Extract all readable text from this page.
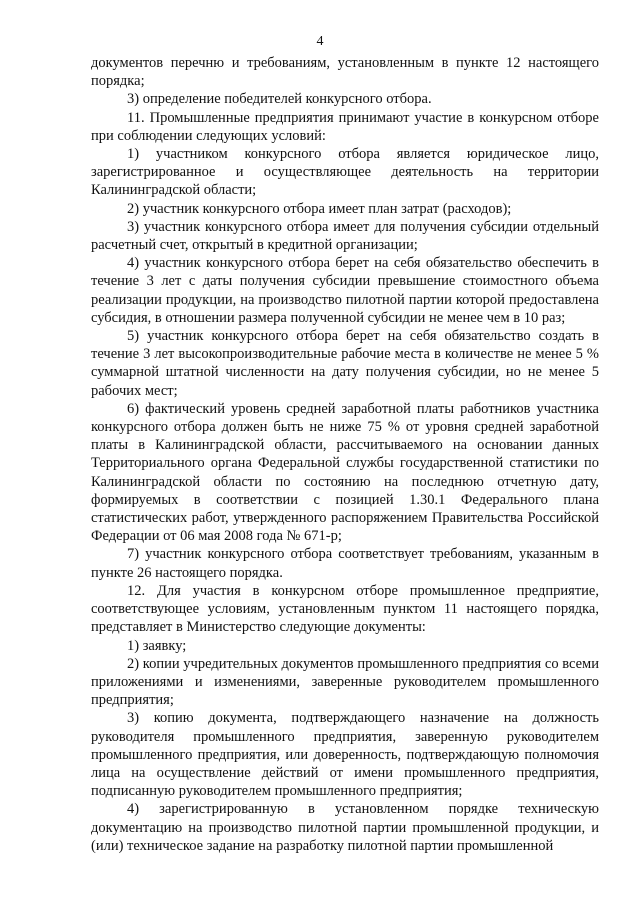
4

документов перечню и требованиям, установленным в пункте 12 настоящего порядка;

3) определение победителей конкурсного отбора.

11. Промышленные предприятия принимают участие в конкурсном отборе при соблюдении следующих условий:

1) участником конкурсного отбора является юридическое лицо, зарегистрированное и осуществляющее деятельность на территории Калининградской области;

2) участник конкурсного отбора имеет план затрат (расходов);

3) участник конкурсного отбора имеет для получения субсидии отдельный расчетный счет, открытый в кредитной организации;

4) участник конкурсного отбора берет на себя обязательство обеспечить в течение 3 лет с даты получения субсидии превышение стоимостного объема реализации продукции, на производство пилотной партии которой предоставлена субсидия, в отношении размера полученной субсидии не менее чем в 10 раз;

5) участник конкурсного отбора берет на себя обязательство создать в течение 3 лет высокопроизводительные рабочие места в количестве не менее 5 % суммарной штатной численности на дату получения субсидии, но не менее 5 рабочих мест;

6) фактический уровень средней заработной платы работников участника конкурсного отбора должен быть не ниже 75 % от уровня средней заработной платы в Калининградской области, рассчитываемого на основании данных Территориального органа Федеральной службы государственной статистики по Калининградской области по состоянию на последнюю отчетную дату, формируемых в соответствии с позицией 1.30.1 Федерального плана статистических работ, утвержденного распоряжением Правительства Российской Федерации от 06 мая 2008 года № 671-р;

7) участник конкурсного отбора соответствует требованиям, указанным в пункте 26 настоящего порядка.

12. Для участия в конкурсном отборе промышленное предприятие, соответствующее условиям, установленным пунктом 11 настоящего порядка, представляет в Министерство следующие документы:

1) заявку;

2) копии учредительных документов промышленного предприятия со всеми приложениями и изменениями, заверенные руководителем промышленного предприятия;

3) копию документа, подтверждающего назначение на должность руководителя промышленного предприятия, заверенную руководителем промышленного предприятия, или доверенность, подтверждающую полномочия лица на осуществление действий от имени промышленного предприятия, подписанную руководителем промышленного предприятия;

4) зарегистрированную в установленном порядке техническую документацию на производство пилотной партии промышленной продукции, и (или) техническое задание на разработку пилотной партии промышленной
